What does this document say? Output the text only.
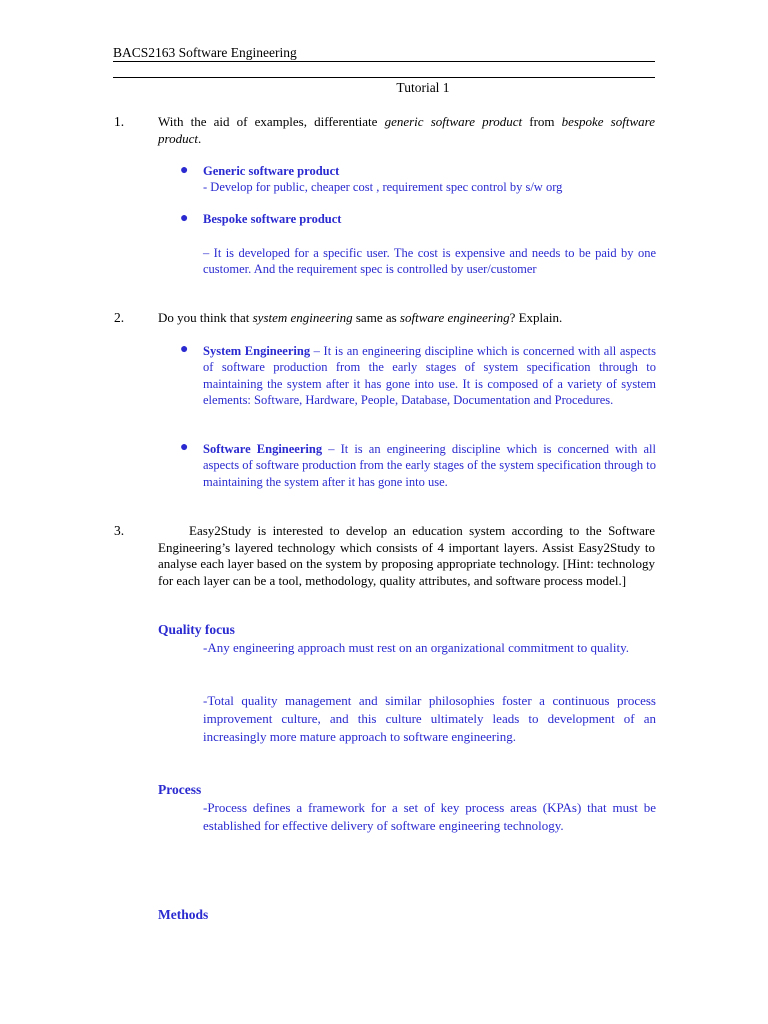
BACS2163 Software Engineering
Tutorial 1
1.	With the aid of examples, differentiate generic software product from bespoke software product.
● Generic software product
- Develop for public, cheaper cost , requirement spec control by s/w org
● Bespoke software product
– It is developed for a specific user. The cost is expensive and needs to be paid by one customer. And the requirement spec is controlled by user/customer
2.	Do you think that system engineering same as software engineering? Explain.
● System Engineering – It is an engineering discipline which is concerned with all aspects of software production from the early stages of system specification through to maintaining the system after it has gone into use. It is composed of a variety of system elements: Software, Hardware, People, Database, Documentation and Procedures.
● Software Engineering – It is an engineering discipline which is concerned with all aspects of software production from the early stages of the system specification through to maintaining the system after it has gone into use.
3.	Easy2Study is interested to develop an education system according to the Software Engineering’s layered technology which consists of 4 important layers. Assist Easy2Study to analyse each layer based on the system by proposing appropriate technology. [Hint: technology for each layer can be a tool, methodology, quality attributes, and software process model.]
Quality focus
-Any engineering approach must rest on an organizational commitment to quality.
-Total quality management and similar philosophies foster a continuous process improvement culture, and this culture ultimately leads to development of an increasingly more mature approach to software engineering.
Process
-Process defines a framework for a set of key process areas (KPAs) that must be established for effective delivery of software engineering technology.
Methods
